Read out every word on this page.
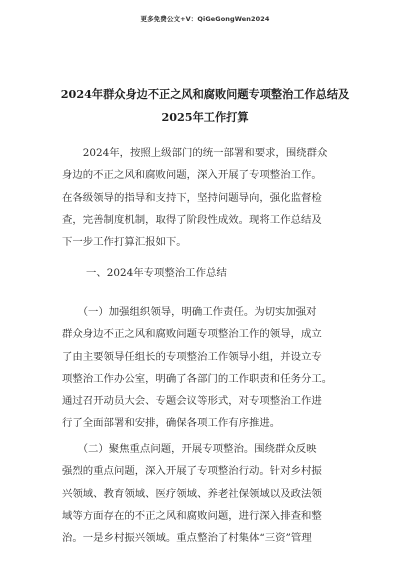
更多免费公文+V：QiGeGongWen2024
2024年群众身边不正之风和腐败问题专项整治工作总结及
2025年工作打算
　　2024年，按照上级部门的统一部署和要求，围绕群众
身边的不正之风和腐败问题，深入开展了专项整治工作。
在各级领导的指导和支持下，坚持问题导向，强化监督检
查，完善制度机制，取得了阶段性成效。现将工作总结及
下一步工作打算汇报如下。
一、2024年专项整治工作总结
　　（一）加强组织领导，明确工作责任。为切实加强对
群众身边不正之风和腐败问题专项整治工作的领导，成立
了由主要领导任组长的专项整治工作领导小组，并设立专
项整治工作办公室，明确了各部门的工作职责和任务分工。
通过召开动员大会、专题会议等形式，对专项整治工作进
行了全面部署和安排，确保各项工作有序推进。
　　（二）聚焦重点问题，开展专项整治。围绕群众反映
强烈的重点问题，深入开展了专项整治行动。针对乡村振
兴领域、教育领域、医疗领域、养老社保领域以及政法领
域等方面存在的不正之风和腐败问题，进行深入排查和整
治。一是乡村振兴领域。重点整治了村集体“三资”管理
